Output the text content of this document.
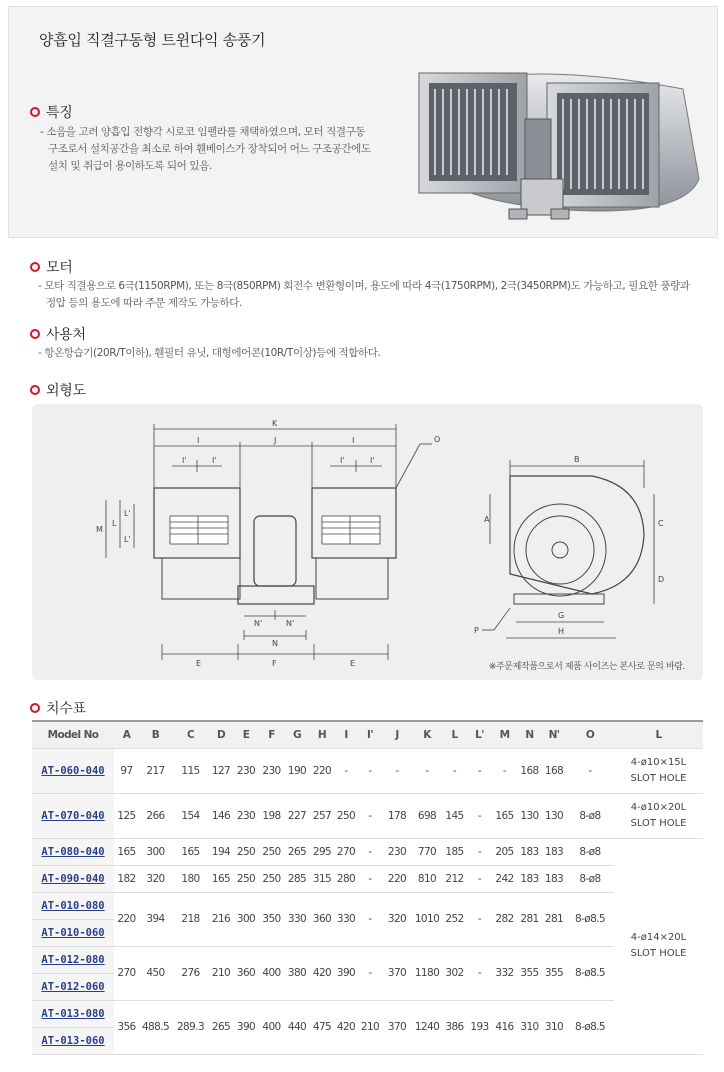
양흡입 직결구동형 트윈다익 송풍기
특징
- 소음을 고려 양흡입 전향각 시로코 임펠라를 채택하였으며, 모터 직결구동
구조로서 설치공간을 최소로 하여 휀베이스가 장착되어 어느 구조공간에도
설치 및 취급이 용이하도록 되어 있음.
모터
- 모타 직결용으로 6극(1150RPM), 또는 8극(850RPM) 회전수 변환형이며, 용도에 따라 4극(1750RPM), 2극(3450RPM)도 가능하고, 필요한 풍량과
정압 등의 용도에 따라 주문 제작도 가능하다.
사용처
- 항온항습기(20R/T이하), 휀필터 유닛, 대형에어콘(10R/T이상)등에 적합하다.
외형도
K
I	J	I
I'	I'	I'	I'
O
M
L
L'
L'
N'	N'
N
E	F	E
B
A	C
D
G
H
P
※주문제작품으로서 제품 사이즈는 본사로 문의 바람.
치수표
Model No	A	B	C	D	E	F	G	H	I	I'	J	K	L	L'	M	N	N'	O	L
AT-060-040	97	217	115	127	230	230	190	220	-	-	-	-	-	-	-	168	168	-	4-ø10×15L
SLOT HOLE

AT-070-040	125	266	154	146	230	198	227	257	250	-	178	698	145	-	165	130	130	8-ø8	4-ø10×20L
SLOT HOLE

AT-080-040	165	300	165	194	250	250	265	295	270	-	230	770	185	-	205	183	183	8-ø8	4-ø14×20L
SLOT HOLE

AT-090-040	182	320	180	165	250	250	285	315	280	-	220	810	212	-	242	183	183	8-ø8	
AT-010-080	220	394	218	216	300	350	330	360	330	-	320	1010	252	-	282	281	281	8-ø8.5	
AT-010-060																			
AT-012-080	270	450	276	210	360	400	380	420	390	-	370	1180	302	-	332	355	355	8-ø8.5	
AT-012-060																			
AT-013-080	356	488.5	289.3	265	390	400	440	475	420	210	370	1240	386	193	416	310	310	8-ø8.5	
AT-013-060																			
